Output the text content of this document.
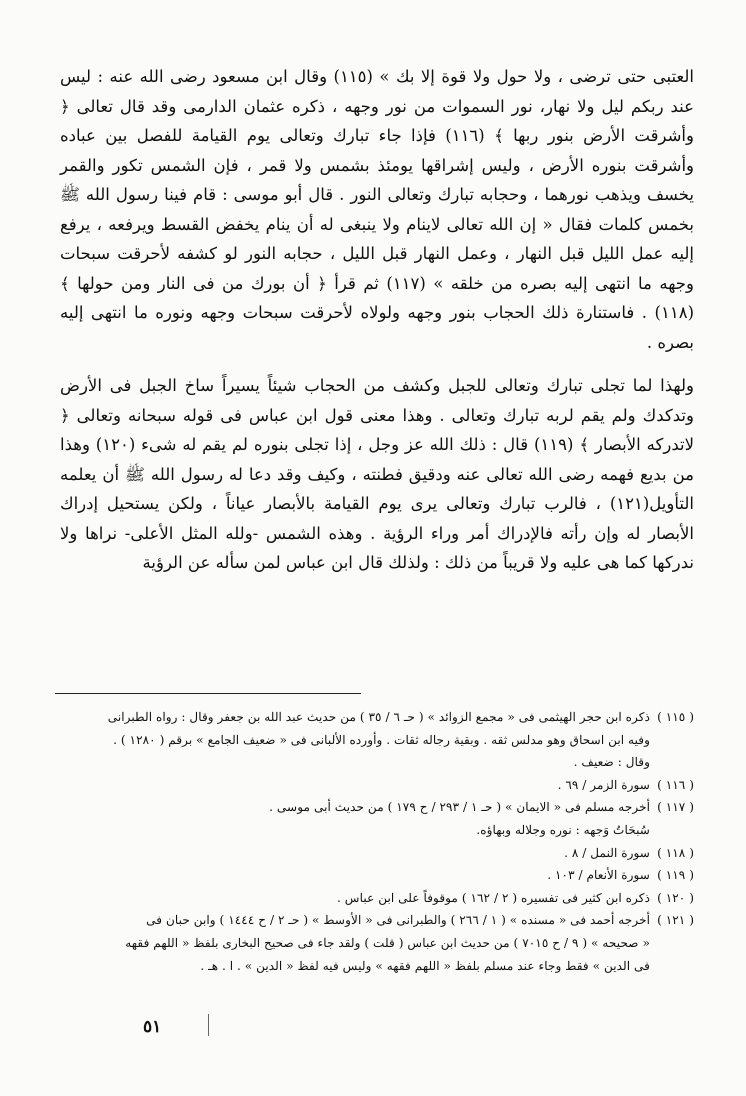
العتبى حتى ترضى ، ولا حول ولا قوة إلا بك » (١١٥) وقال ابن مسعود رضى الله عنه : ليس عند ربكم ليل ولا نهار، نور السموات من نور وجهه ، ذكره عثمان الدارمى وقد قال تعالى ﴿ وأشرقت الأرض بنور ربها ﴾ (١١٦) فإذا جاء تبارك وتعالى يوم القيامة للفصل بين عباده وأشرقت بنوره الأرض ، وليس إشراقها يومئذ بشمس ولا قمر ، فإن الشمس تكور والقمر يخسف ويذهب نورهما ، وحجابه تبارك وتعالى النور . قال أبو موسى : قام فينا رسول الله ﷺ بخمس كلمات فقال « إن الله تعالى لاينام ولا ينبغى له أن ينام يخفض القسط ويرفعه ، يرفع إليه عمل الليل قبل النهار ، وعمل النهار قبل الليل ، حجابه النور لو كشفه لأحرقت سبحات وجهه ما انتهى إليه بصره من خلقه » (١١٧) ثم قرأ ﴿ أن بورك من فى النار ومن حولها ﴾ (١١٨) . فاستنارة ذلك الحجاب بنور وجهه ولولاه لأحرقت سبحات وجهه ونوره ما انتهى إليه بصره .

ولهذا لما تجلى تبارك وتعالى للجبل وكشف من الحجاب شيئاً يسيراً ساخ الجبل فى الأرض وتدكدك ولم يقم لربه تبارك وتعالى . وهذا معنى قول ابن عباس فى قوله سبحانه وتعالى ﴿ لاتدركه الأبصار ﴾ (١١٩) قال : ذلك الله عز وجل ، إذا تجلى بنوره لم يقم له شىء (١٢٠) وهذا من بديع فهمه رضى الله تعالى عنه ودقيق فطنته ، وكيف وقد دعا له رسول الله ﷺ أن يعلمه التأويل(١٢١) ، فالرب تبارك وتعالى يرى يوم القيامة بالأبصار عياناً ، ولكن يستحيل إدراك الأبصار له وإن رأته فالإدراك أمر وراء الرؤية . وهذه الشمس -ولله المثل الأعلى- نراها ولا ندركها كما هى عليه ولا قريباً من ذلك : ولذلك قال ابن عباس لمن سأله عن الرؤية

( ١١٥ )ذكره ابن حجر الهيثمى فى « مجمع الزوائد » ( حـ ٦ / ٣٥ ) من حديث عبد الله بن جعفر وقال : رواه الطبرانى

وفيه ابن اسحاق وهو مدلس ثقه . وبقية رجاله ثقات . وأورده الألبانى فى « ضعيف الجامع » برقم ( ١٢٨٠ ) .

وقال : ضعيف .

( ١١٦ )سورة الزمر / ٦٩ .

( ١١٧ )أخرجه مسلم فى « الايمان » ( حـ ١ / ٢٩٣ / ح ١٧٩ ) من حديث أبى موسى .

سُبحَاتُ وَجهه : نوره وجلاله وبهاؤه.

( ١١٨ )سورة النمل / ٨ .

( ١١٩ )سورة الأنعام / ١٠٣ .

( ١٢٠ )ذكره ابن كثير فى تفسيره ( ٢ / ١٦٢ ) موقوفاً على ابن عباس .

( ١٢١ )أخرجه أحمد فى « مسنده » ( ١ / ٢٦٦ ) والطبرانى فى « الأوسط » ( حـ ٢ / ح ١٤٤٤ ) وابن حبان فى

« صحيحه » ( ٩ / ح ٧٠١٥ ) من حديث ابن عباس ( قلت ) ولقد جاء فى صحيح البخارى بلفظ « اللهم فقهه

فى الدين » فقط وجاء عند مسلم بلفظ « اللهم فقهه » وليس فيه لفظ « الدين » . ا . هـ .

٥١
